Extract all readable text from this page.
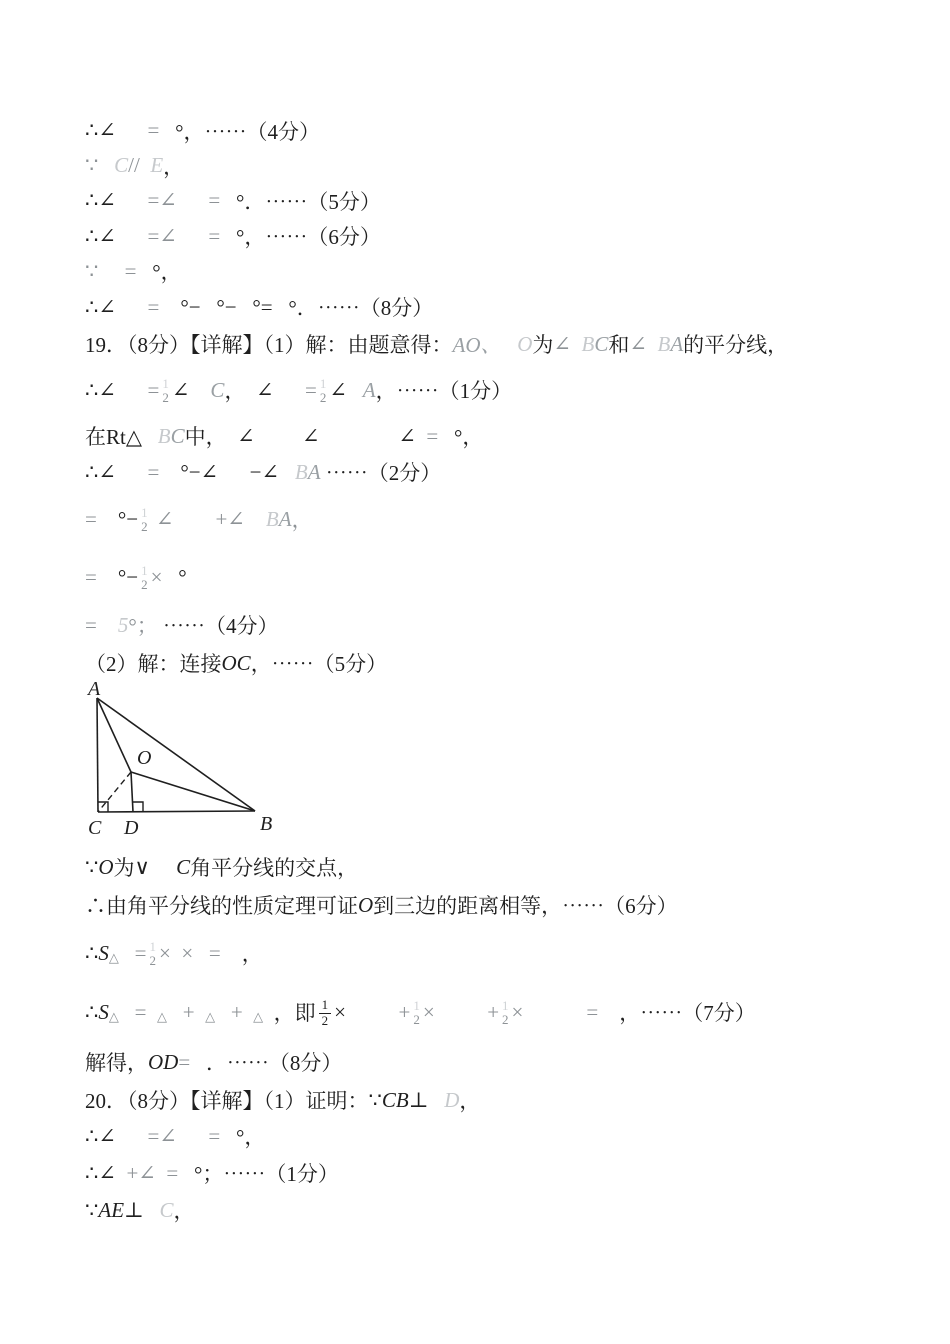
∴∠
=
°，⋯⋯（4分）
∵
C //
E ，
∴∠
=∠
=
°．⋯⋯（5分）
∴∠
=∠
=
°，⋯⋯（6分）
∵
=
°，
∴∠
=
°−
°−
°=
°．⋯⋯（8分）
19．（8分）【详解】（1）解：由题意得： AO、
O 为 ∠
B C 和 ∠
B A 的平分线，
∴∠
= 1
2 ∠
C ，
∠
= 1
2 ∠
A ，⋯⋯（1分）
在Rt△
B C 中，
∠
∠
	∠
=
°，
∴∠
=
°−∠
−∠
B A
⋯⋯（2分）
=
°− 1
2
∠
+∠
B A ，
=
°− 1
2 ×
°
=
5 °；
⋯⋯（4分）
（2）解：连接 OC ，⋯⋯（5分）
A
O
C D	B
∵ O 为 ∨
C 角平分线的交点，
∴由角平分线的性质定理可证 O 到三边的距离相等，⋯⋯（6分）
∴ S △
= 1
2 ×
×
=
，
∴ S △
=
△
+
△
+
△
，即 $\frac{1}{2}$ ×
	+ 1
2 ×
	+ 1
2 ×
	=
，⋯⋯（7分）
解得， OD =
．⋯⋯（8分）
20．（8分）【详解】（1）证明： ∵ CB ⊥
D ，
∴∠
=∠
=
°，
∴∠
+∠
=
°；⋯⋯（1分）
∵ AE ⊥
C ，
